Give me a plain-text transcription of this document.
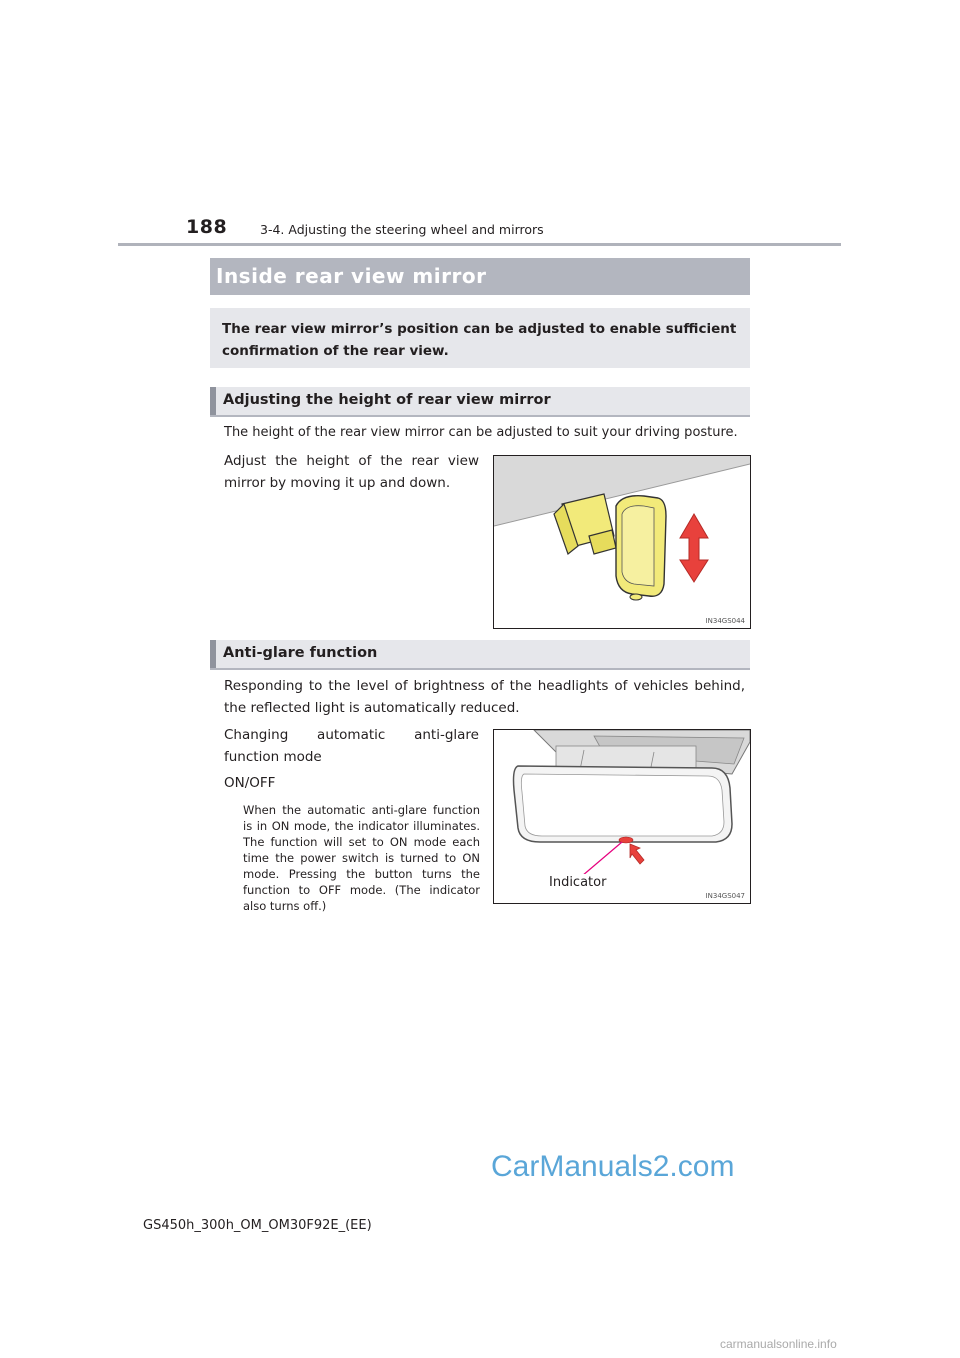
188	3-4. Adjusting the steering wheel and mirrors
Inside rear view mirror
The rear view mirror’s position can be adjusted to enable sufficient confirmation of the rear view.
Adjusting the height of rear view mirror
The height of the rear view mirror can be adjusted to suit your driving posture.
Adjust the height of the rear view mirror by moving it up and down.
IN34GS044
Anti-glare function
Responding to the level of brightness of the headlights of vehicles behind, the reflected light is automatically reduced.
Changing automatic anti-glare function mode
ON/OFF
When the automatic anti-glare function is in ON mode, the indicator illuminates. The function will set to ON mode each time the power switch is turned to ON mode. Pressing the button turns the function to OFF mode. (The indicator also turns off.)
Indicator
IN34GS047
CarManuals2.com
GS450h_300h_OM_OM30F92E_(EE)
carmanualsonline.info
